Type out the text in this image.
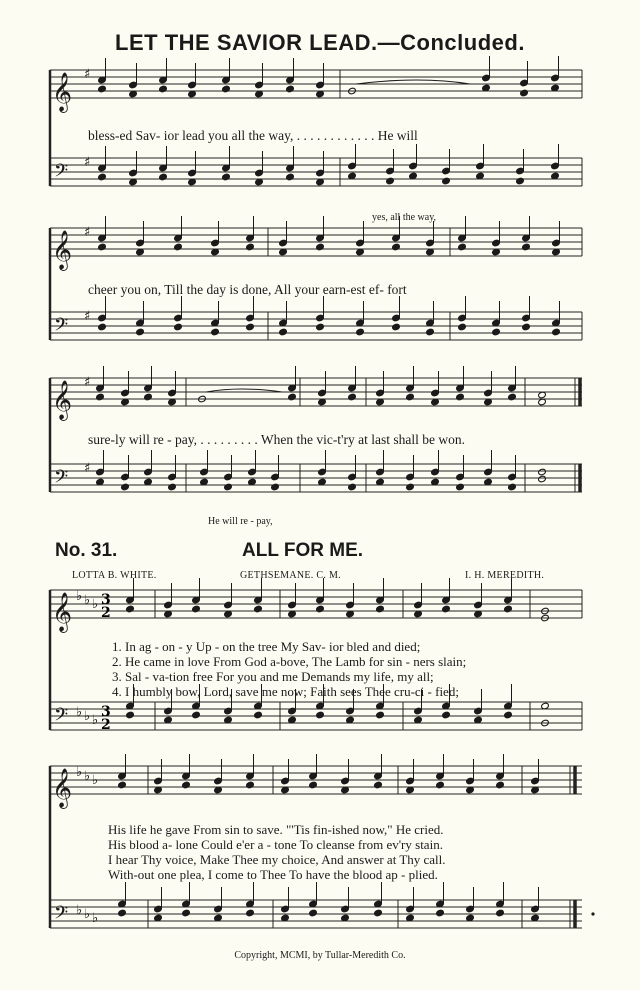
LET THE SAVIOR LEAD.—Concluded.
𝄞 ♯
𝄢 ♯
𝄞 ♯
𝄢 ♯
𝄞 ♯
𝄢 ♯
𝄞
𝄢
♭
♭
♭
♭
♭
♭
3
2
3
2
𝄞
𝄢
♭
♭
♭
♭
♭
♭
bless-ed Sav- ior lead you all the way, . . . . . . . . . . . . He will
yes, all the way,
cheer you on, Till the day is done, All your earn-est ef- fort
sure-ly will re - pay, . . . . . . . . . When the vic-t'ry at last shall be won.
He will re - pay,
No. 31.	ALL FOR ME.
LOTTA B. WHITE.	GETHSEMANE. C. M.	I. H. MEREDITH.
1. In ag - on - y Up - on the tree My Sav- ior bled and died;
2. He came in love From God a-bove, The Lamb for sin - ners slain;
3. Sal - va-tion free For you and me Demands my life, my all;
4. I humbly bow, Lord, save me now; Faith sees Thee cru-ci - fied;
His life he gave From sin to save. "'Tis fin-ished now," He cried.
His blood a- lone Could e'er a - tone To cleanse from ev'ry stain.
I hear Thy voice, Make Thee my choice, And answer at Thy call.
With-out one plea, I come to Thee To have the blood ap - plied.
Copyright, MCMI, by Tullar-Meredith Co.
